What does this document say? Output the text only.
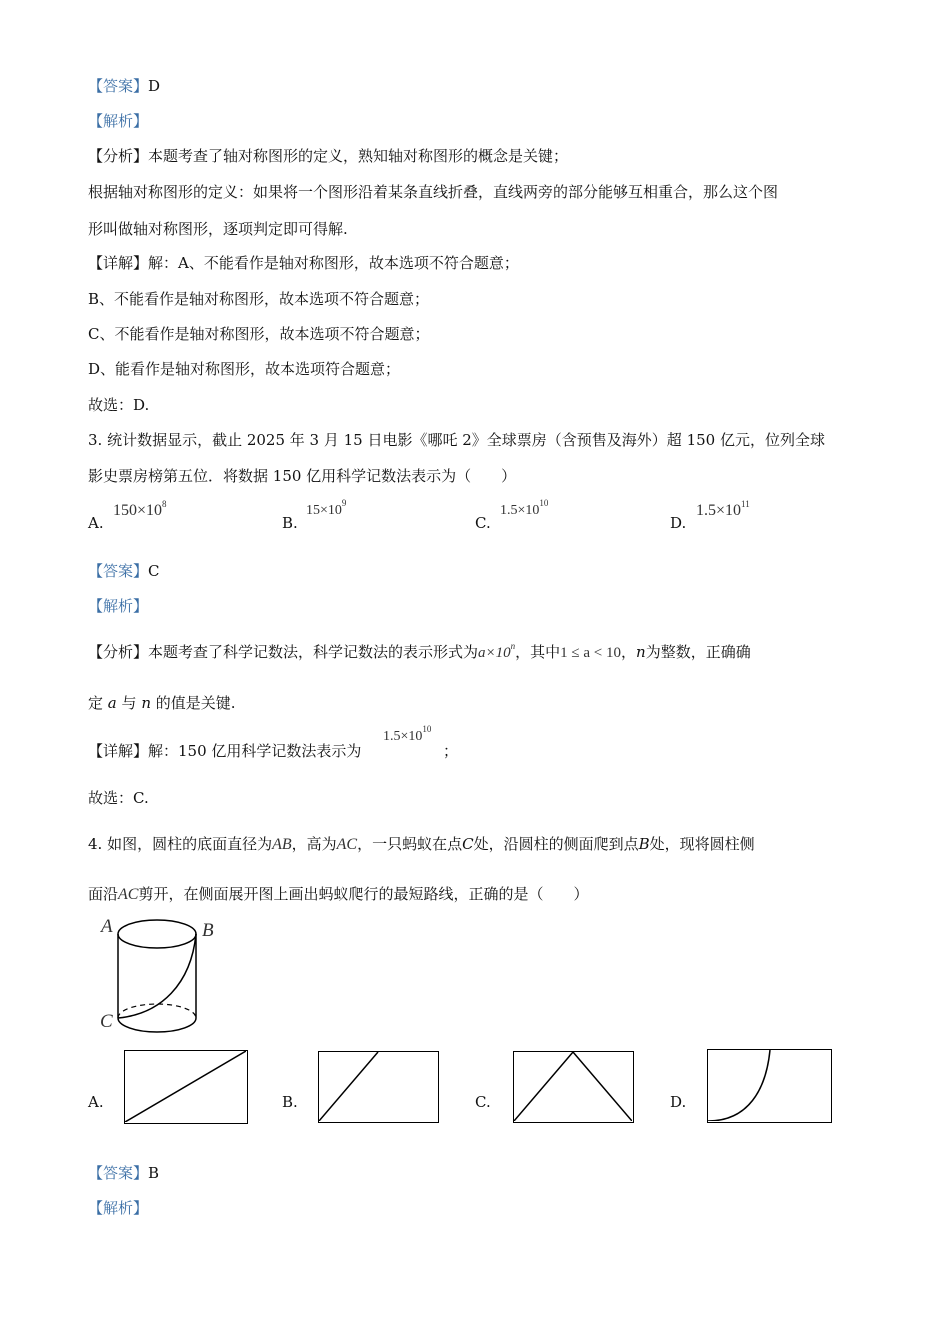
【答案】D
【解析】
【分析】本题考查了轴对称图形的定义，熟知轴对称图形的概念是关键；
根据轴对称图形的定义：如果将一个图形沿着某条直线折叠，直线两旁的部分能够互相重合，那么这个图
形叫做轴对称图形，逐项判定即可得解.
【详解】解：A、不能看作是轴对称图形，故本选项不符合题意；
B、不能看作是轴对称图形，故本选项不符合题意；
C、不能看作是轴对称图形，故本选项不符合题意；
D、能看作是轴对称图形，故本选项符合题意；
故选：D.
3. 统计数据显示，截止 2025 年 3 月 15 日电影《哪吒 2》全球票房（含预售及海外）超 150 亿元，位列全球
影史票房榜第五位．将数据 150 亿用科学记数法表示为（　　）
A.
$150\times 10^8$
B.
$15\times 10^9$
C.
$1.5\times 10^{10}$
D.
$1.5\times 10^{11}$
【答案】C
【解析】
【分析】本题考查了科学记数法，科学记数法的表示形式为$a\times 10^n$，其中1 ≤ a < 10，n为整数，正确确
定 a 与 n 的值是关键.
【详解】解：150 亿用科学记数法表示为
$1.5\times 10^{10}$
；
故选：C.
4. 如图，圆柱的底面直径为AB，高为AC，一只蚂蚁在点C处，沿圆柱的侧面爬到点B处，现将圆柱侧
面沿AC剪开，在侧面展开图上画出蚂蚁爬行的最短路线，正确的是（　　）
A	B
C
A.	B.	C.	D.
【答案】B
【解析】
